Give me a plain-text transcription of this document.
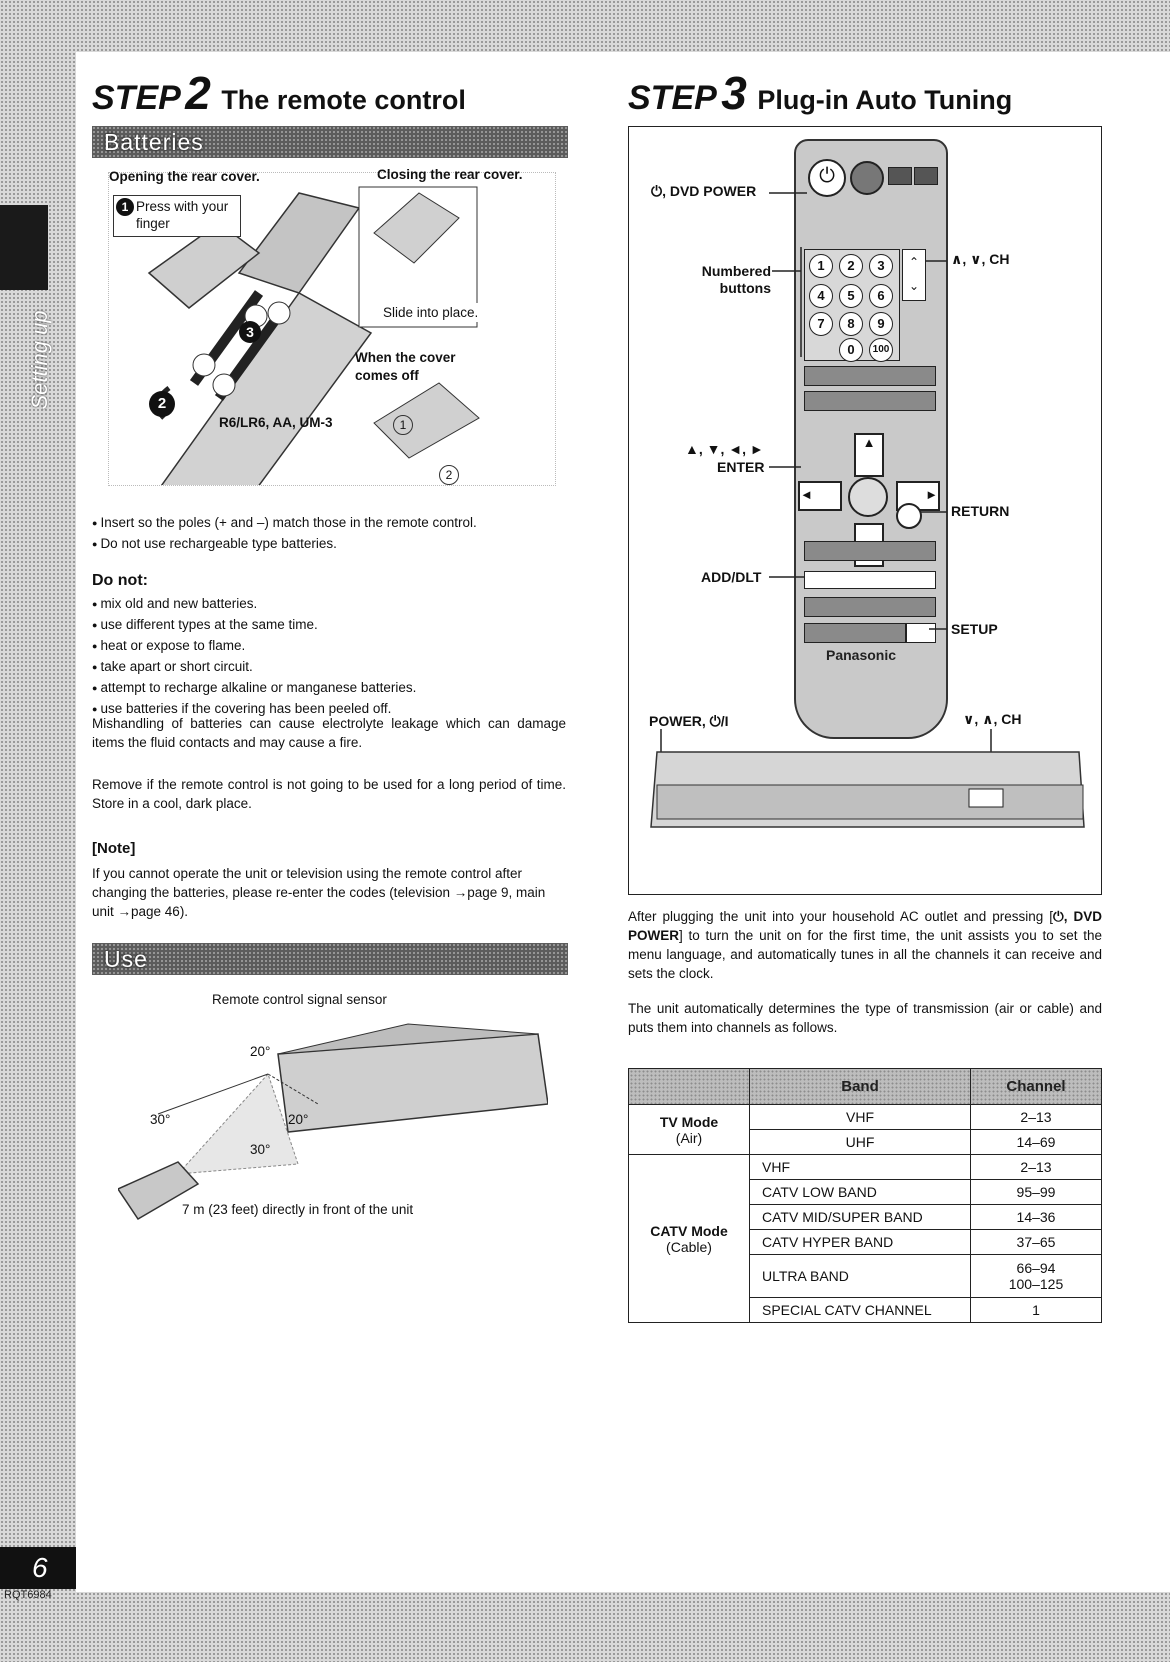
Setting up
6
RQT6984
STEP 2 The remote control
Batteries
Opening the rear cover.	Closing the rear cover.
1 Press with your finger
Slide into place.
When the cover comes off
R6/LR6, AA, UM-3
2
3
1
2
● Insert so the poles (+ and –) match those in the remote control.
● Do not use rechargeable type batteries.
Do not:
● mix old and new batteries.
● use different types at the same time.
● heat or expose to flame.
● take apart or short circuit.
● attempt to recharge alkaline or manganese batteries.
● use batteries if the covering has been peeled off.
Mishandling of batteries can cause electrolyte leakage which can damage items the fluid contacts and may cause a fire.
Remove if the remote control is not going to be used for a long period of time. Store in a cool, dark place.
[Note]
If you cannot operate the unit or television using the remote control after changing the batteries, please re-enter the codes (television →page 9, main unit →page 46).
Use
Remote control signal sensor
20°
20°
30°
30°
7 m (23 feet) directly in front of the unit
STEP 3 Plug-in Auto Tuning
⏻
1	2	3
4	5	6
7	8	9
0	100
⌃
⌄
▲
◄	►
Panasonic
⏻, DVD POWER
Numbered buttons
∧, ∨, CH
▲, ▼, ◄, ►
ENTER
RETURN
ADD/DLT
SETUP
POWER, ⏻/I	∨, ∧, CH
After plugging the unit into your household AC outlet and pressing [⏻, DVD POWER] to turn the unit on for the first time, the unit assists you to set the menu language, and automatically tunes in all the channels it can receive and sets the clock.
The unit automatically determines the type of transmission (air or cable) and puts them into channels as follows.
	Band	Channel

TV Mode
(Air)	VHF	2–13
	UHF	14–69

CATV Mode
(Cable)	VHF	2–13
	CATV LOW BAND	95–99
	CATV MID/SUPER BAND	14–36
	CATV HYPER BAND	37–65
	ULTRA BAND	66–94
100–125

	SPECIAL CATV CHANNEL	1
